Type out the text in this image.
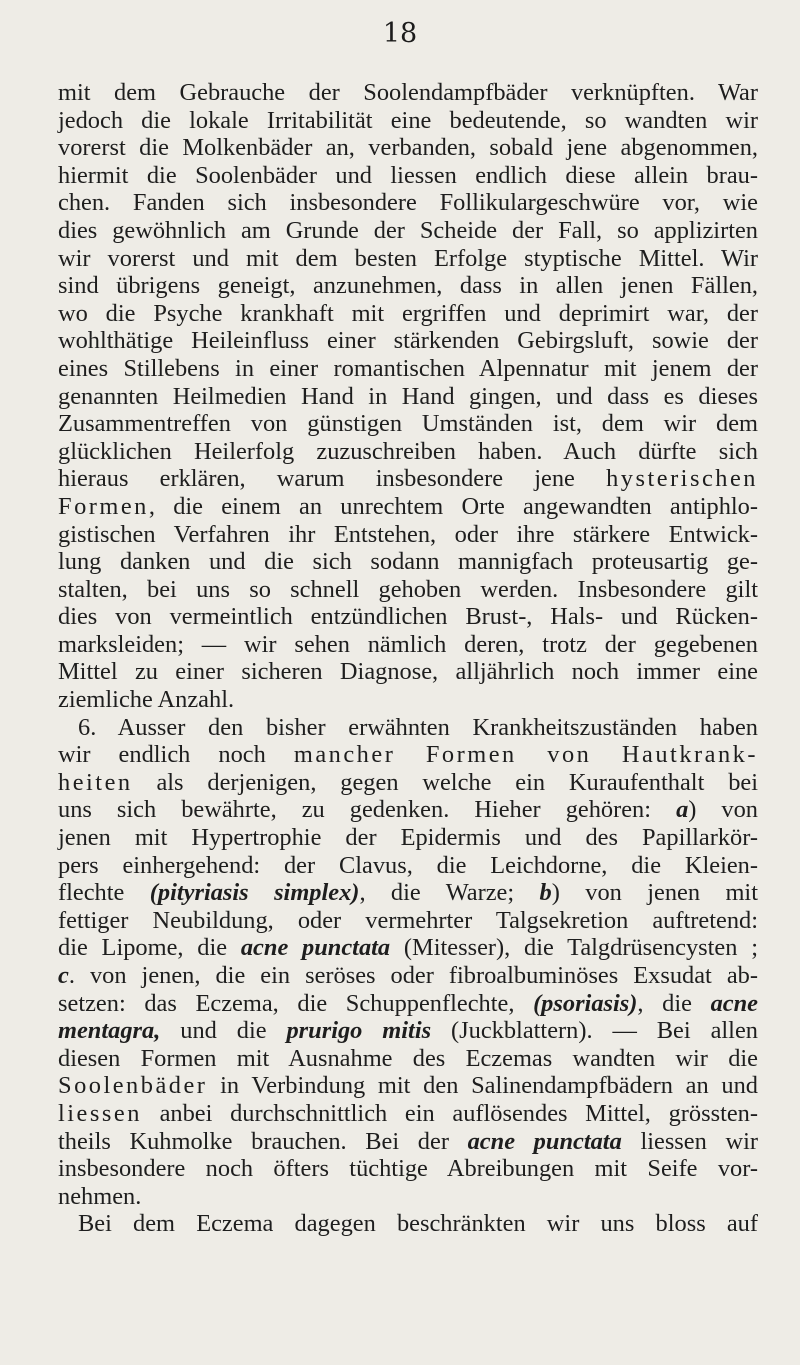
18
mit dem Gebrauche der Soolendampfbäder verknüpften. War
jedoch die lokale Irritabilität eine bedeutende, so wandten wir
vorerst die Molkenbäder an, verbanden, sobald jene abgenommen,
hiermit die Soolenbäder und liessen endlich diese allein brau-
chen. Fanden sich insbesondere Follikulargeschwüre vor, wie
dies gewöhnlich am Grunde der Scheide der Fall, so applizirten
wir vorerst und mit dem besten Erfolge styptische Mittel. Wir
sind übrigens geneigt, anzunehmen, dass in allen jenen Fällen,
wo die Psyche krankhaft mit ergriffen und deprimirt war, der
wohlthätige Heileinfluss einer stärkenden Gebirgsluft, sowie der
eines Stillebens in einer romantischen Alpennatur mit jenem der
genannten Heilmedien Hand in Hand gingen, und dass es dieses
Zusammentreffen von günstigen Umständen ist, dem wir dem
glücklichen Heilerfolg zuzuschreiben haben. Auch dürfte sich
hieraus erklären, warum insbesondere jene hysterischen
Formen, die einem an unrechtem Orte angewandten antiphlo-
gistischen Verfahren ihr Entstehen, oder ihre stärkere Entwick-
lung danken und die sich sodann mannigfach proteusartig ge-
stalten, bei uns so schnell gehoben werden. Insbesondere gilt
dies von vermeintlich entzündlichen Brust-, Hals- und Rücken-
marksleiden; — wir sehen nämlich deren, trotz der gegebenen
Mittel zu einer sicheren Diagnose, alljährlich noch immer eine
ziemliche Anzahl.
6. Ausser den bisher erwähnten Krankheitszuständen haben
wir endlich noch mancher Formen von Hautkrank-
heiten als derjenigen, gegen welche ein Kuraufenthalt bei
uns sich bewährte, zu gedenken. Hieher gehören: a) von
jenen mit Hypertrophie der Epidermis und des Papillarkör-
pers einhergehend: der Clavus, die Leichdorne, die Kleien-
flechte (pityriasis simplex), die Warze; b) von jenen mit
fettiger Neubildung, oder vermehrter Talgsekretion auftretend:
die Lipome, die acne punctata (Mitesser), die Talgdrüsencysten ;
c. von jenen, die ein seröses oder fibroalbuminöses Exsudat ab-
setzen: das Eczema, die Schuppenflechte, (psoriasis), die acne
mentagra, und die prurigo mitis (Juckblattern). — Bei allen
diesen Formen mit Ausnahme des Eczemas wandten wir die
Soolenbäder in Verbindung mit den Salinendampfbädern an und
liessen anbei durchschnittlich ein auflösendes Mittel, grössten-
theils Kuhmolke brauchen. Bei der acne punctata liessen wir
insbesondere noch öfters tüchtige Abreibungen mit Seife vor-
nehmen.
Bei dem Eczema dagegen beschränkten wir uns bloss auf
